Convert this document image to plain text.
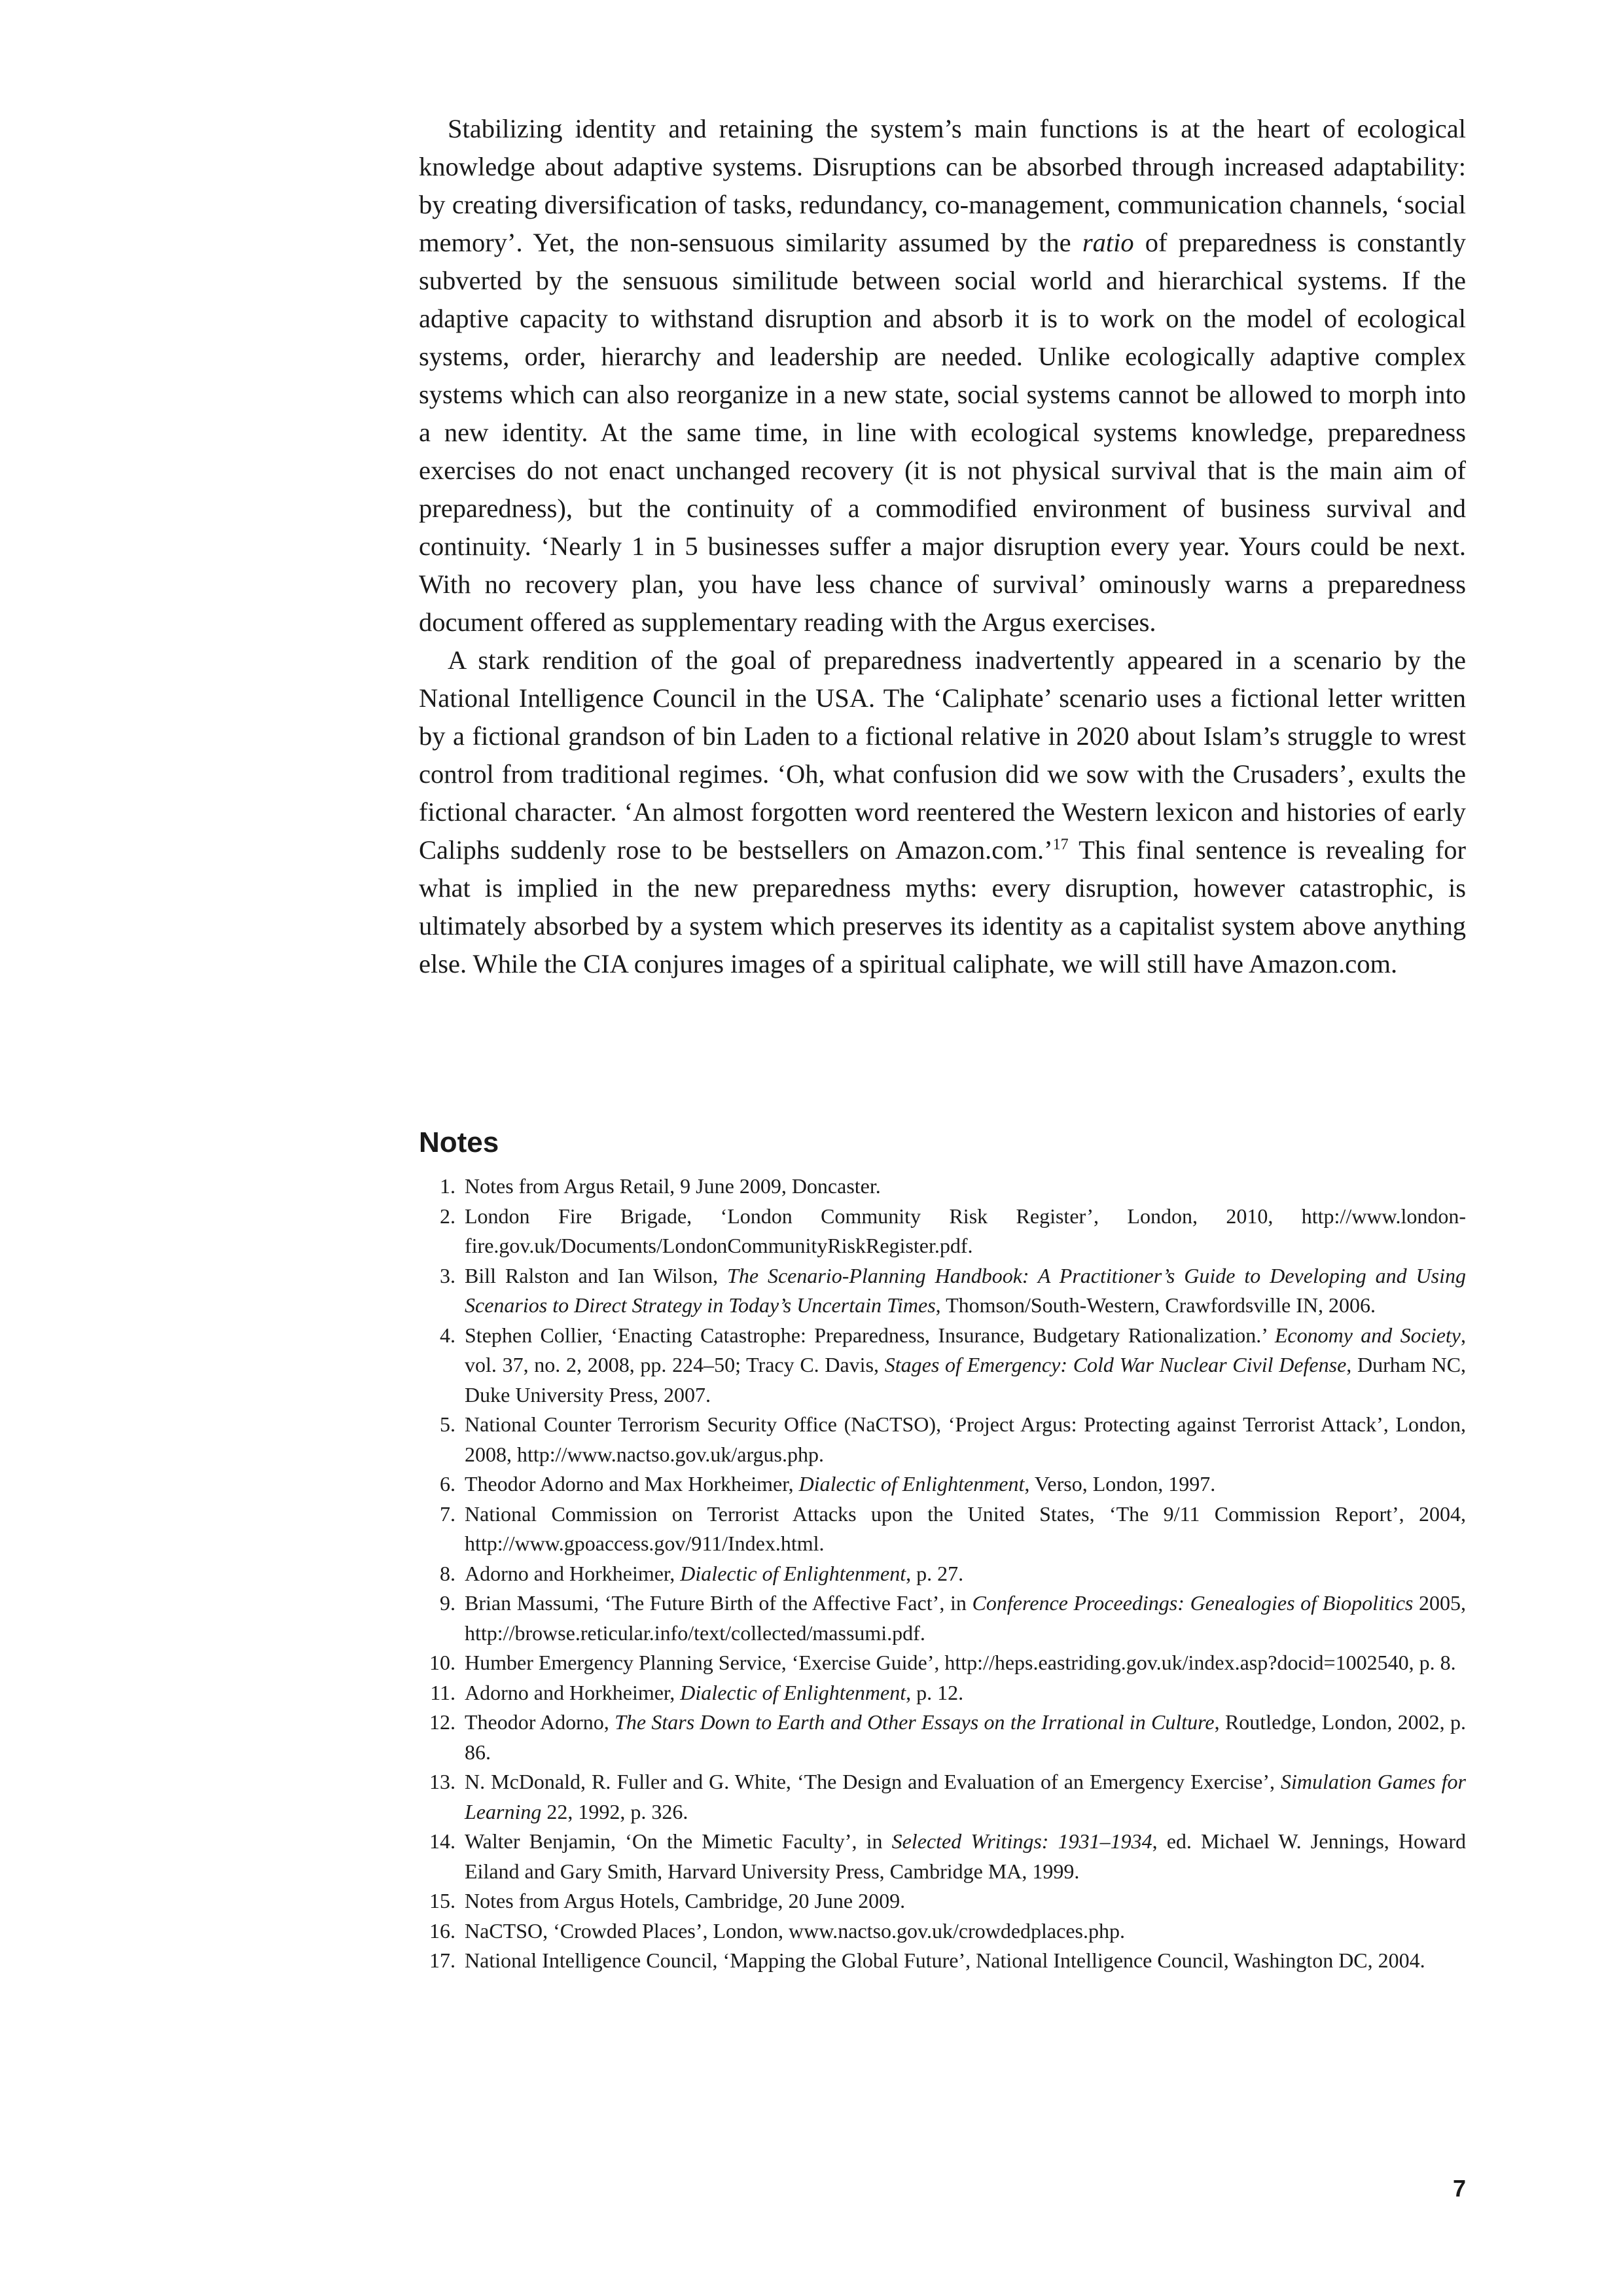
Stabilizing identity and retaining the system’s main functions is at the heart of ecological knowledge about adaptive systems. Disruptions can be absorbed through increased adaptability: by creating diversification of tasks, redundancy, co-management, communication channels, ‘social memory’. Yet, the non-sensuous similarity assumed by the ratio of preparedness is constantly subverted by the sensuous similitude between social world and hierarchical systems. If the adaptive capacity to withstand disruption and absorb it is to work on the model of ecological systems, order, hierarchy and leadership are needed. Unlike ecologically adaptive complex systems which can also reorganize in a new state, social systems cannot be allowed to morph into a new identity. At the same time, in line with ecological systems knowledge, preparedness exercises do not enact unchanged recovery (it is not physical survival that is the main aim of preparedness), but the continuity of a commodified environment of business survival and continuity. ‘Nearly 1 in 5 businesses suffer a major disruption every year. Yours could be next. With no recovery plan, you have less chance of survival’ ominously warns a preparedness document offered as supplementary reading with the Argus exercises.

A stark rendition of the goal of preparedness inadvertently appeared in a scenario by the National Intelligence Council in the USA. The ‘Caliphate’ scenario uses a fictional letter written by a fictional grandson of bin Laden to a fictional relative in 2020 about Islam’s struggle to wrest control from traditional regimes. ‘Oh, what confusion did we sow with the Crusaders’, exults the fictional character. ‘An almost forgotten word reentered the Western lexicon and histories of early Caliphs suddenly rose to be bestsellers on Amazon.com.’$^{17}$ This final sentence is revealing for what is implied in the new preparedness myths: every disruption, however catastrophic, is ultimately absorbed by a system which preserves its identity as a capitalist system above anything else. While the CIA conjures images of a spiritual caliphate, we will still have Amazon.com.

Notes
1. Notes from Argus Retail, 9 June 2009, Doncaster.
2. London Fire Brigade, ‘London Community Risk Register’, London, 2010, http://www.london-fire.gov.uk/Documents/LondonCommunityRiskRegister.pdf.
3. Bill Ralston and Ian Wilson, The Scenario-Planning Handbook: A Practitioner’s Guide to Developing and Using Scenarios to Direct Strategy in Today’s Uncertain Times, Thomson/South-Western, Crawfordsville IN, 2006.
4. Stephen Collier, ‘Enacting Catastrophe: Preparedness, Insurance, Budgetary Rationalization.’ Economy and Society, vol. 37, no. 2, 2008, pp. 224–50; Tracy C. Davis, Stages of Emergency: Cold War Nuclear Civil Defense, Durham NC, Duke University Press, 2007.
5. National Counter Terrorism Security Office (NaCTSO), ‘Project Argus: Protecting against Terrorist Attack’, London, 2008, http://www.nactso.gov.uk/argus.php.
6. Theodor Adorno and Max Horkheimer, Dialectic of Enlightenment, Verso, London, 1997.
7. National Commission on Terrorist Attacks upon the United States, ‘The 9/11 Commission Report’, 2004, http://www.gpoaccess.gov/911/Index.html.
8. Adorno and Horkheimer, Dialectic of Enlightenment, p. 27.
9. Brian Massumi, ‘The Future Birth of the Affective Fact’, in Conference Proceedings: Genealogies of Biopolitics 2005, http://browse.reticular.info/text/collected/massumi.pdf.
10. Humber Emergency Planning Service, ‘Exercise Guide’, http://heps.eastriding.gov.uk/index.asp?docid=1002540, p. 8.
11. Adorno and Horkheimer, Dialectic of Enlightenment, p. 12.
12. Theodor Adorno, The Stars Down to Earth and Other Essays on the Irrational in Culture, Routledge, London, 2002, p. 86.
13. N. McDonald, R. Fuller and G. White, ‘The Design and Evaluation of an Emergency Exercise’, Simulation Games for Learning 22, 1992, p. 326.
14. Walter Benjamin, ‘On the Mimetic Faculty’, in Selected Writings: 1931–1934, ed. Michael W. Jennings, Howard Eiland and Gary Smith, Harvard University Press, Cambridge MA, 1999.
15. Notes from Argus Hotels, Cambridge, 20 June 2009.
16. NaCTSO, ‘Crowded Places’, London, www.nactso.gov.uk/crowdedplaces.php.
17. National Intelligence Council, ‘Mapping the Global Future’, National Intelligence Council, Washington DC, 2004.
7
